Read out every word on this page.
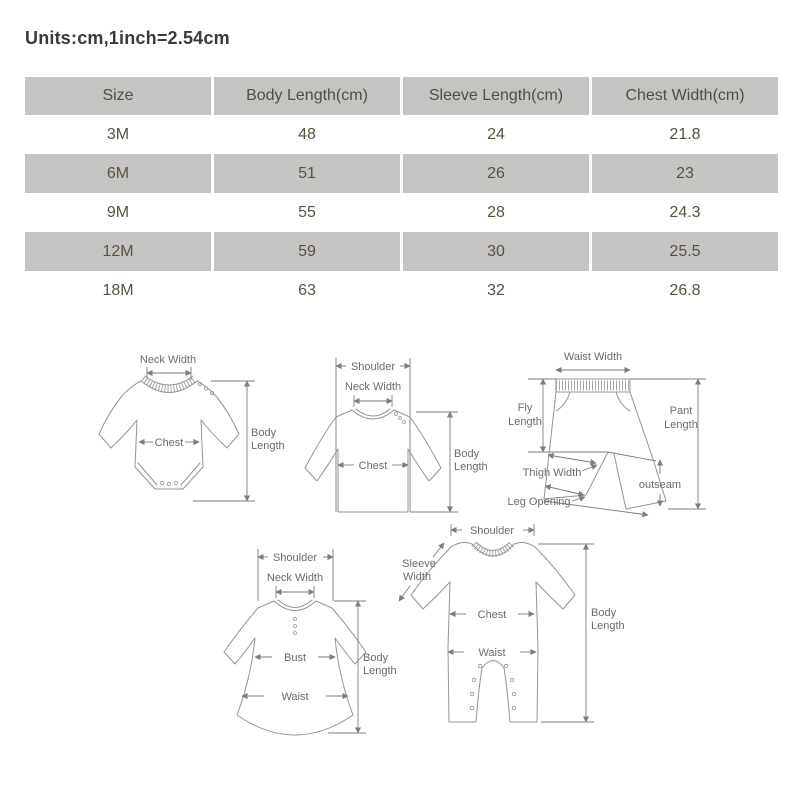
Units:cm,1inch=2.54cm
Size	Body Length(cm)	Sleeve Length(cm)	Chest Width(cm)
3M	48	24	21.8
6M	51	26	23
9M	55	28	24.3
12M	59	30	25.5
18M	63	32	26.8
Neck Width
Chest
Body
Length
Shoulder
Neck Width
Chest
Body
Length
Waist Width
Fly
Length
Thigh Width
outseam
Pant
Length
Leg Opening
Shoulder
Neck Width
Bust
Waist
Body
Length
Shoulder
Sleeve
Width
Chest
Waist
Body
Length
